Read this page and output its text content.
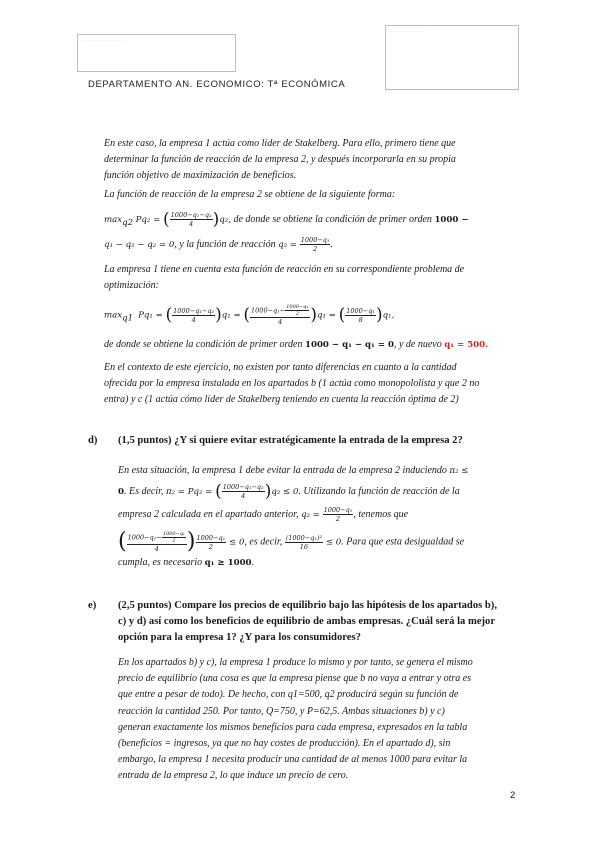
- - - - - - - - - - - - - - - - - - - - - - - -
- - - - - - - - - - - - - - - - - - - -
DEPARTAMENTO AN. ECONOMICO: Tª ECONÓMICA
En este caso, la empresa 1 actúa como líder de Stakelberg. Para ello, primero tiene que
determinar la función de reacción de la empresa 2, y después incorporarla en su propia
función objetivo de maximización de beneficios.
La función de reacción de la empresa 2 se obtiene de la siguiente forma:
$\max_{q2} Pq_2$ = ( $\frac{\text{1000−q₁−q₂}}{4} )q_2$, de donde se obtiene la condición de primer orden 1000 −
q₁ − q₂ − q₂ = 0, y la función de reacción $q_2 = \frac{\text{1000−q₁}}{2}$ .
La empresa 1 tiene en cuenta esta función de reacción en su correspondiente problema de
optimización:
$\max_{q1} Pq_1$ = ( $\frac{\text{1000−q₁−q₂}}{4} )q_1$ = ( $\frac{1000-q_1- \frac{\text{1000−q₁}}{2}}{4} )q_1$ = ( $\frac{\text{1000−q₁}}{8} )q_1$,
de donde se obtiene la condición de primer orden 1000 − q₁ − q₁ = 0, y de nuevo q₁ = 500.
En el contexto de este ejercicio, no existen por tanto diferencias en cuanto a la cantidad
ofrecida por la empresa instalada en los apartados b (1 actúa como monopololista y que 2 no
entra) y c (1 actúa cómo líder de Stakelberg teniendo en cuenta la reacción óptima de 2)
d) (1,5 puntos) ¿Y si quiere evitar estratégicamente la entrada de la empresa 2?
En esta situación, la empresa 1 debe evitar la entrada de la empresa 2 induciendo π₂ ≤
0. Es decir, π₂ = Pq₂ = ( $\frac{\text{1000−q₁−q₂}}{4} )q_2 \le 0$. Utilizando la función de reacción de la
empresa 2 calculada en el apartado anterior, $q_2 = \frac{\text{1000−q₁}}{2}$ , tenemos que
( $\frac{1000-q_1- \frac{\text{1000−q₁}}{2}}{4}$ ) $\frac{\text{1000−q₁}}{2} \le 0$, es decir, $\frac{\text{(1000−q₁)²}}{16} \le 0$. Para que esta desigualdad se
cumpla, es necesario q₁ ≥ 1000.
e) (2,5 puntos) Compare los precios de equilibrio bajo las hipótesis de los apartados b),
c) y d) así como los beneficios de equilibrio de ambas empresas. ¿Cuál será la mejor
opción para la empresa 1? ¿Y para los consumidores?
En los apartados b) y c), la empresa 1 produce lo mismo y por tanto, se genera el mismo
precio de equilibrio (una cosa es que la empresa piense que b no vaya a entrar y otra es
que entre a pesar de todo). De hecho, con q1=500, q2 producirá según su función de
reacción la cantidad 250. Por tanto, Q=750, y P=62,5. Ambas situaciones b) y c)
generan exactamente los mismos beneficios para cada empresa, expresados en la tabla
(beneficios = ingresos, ya que no hay costes de producción). En el apartado d), sin
embargo, la empresa 1 necesita producir una cantidad de al menos 1000 para evitar la
entrada de la empresa 2, lo que induce un precio de cero.
2
